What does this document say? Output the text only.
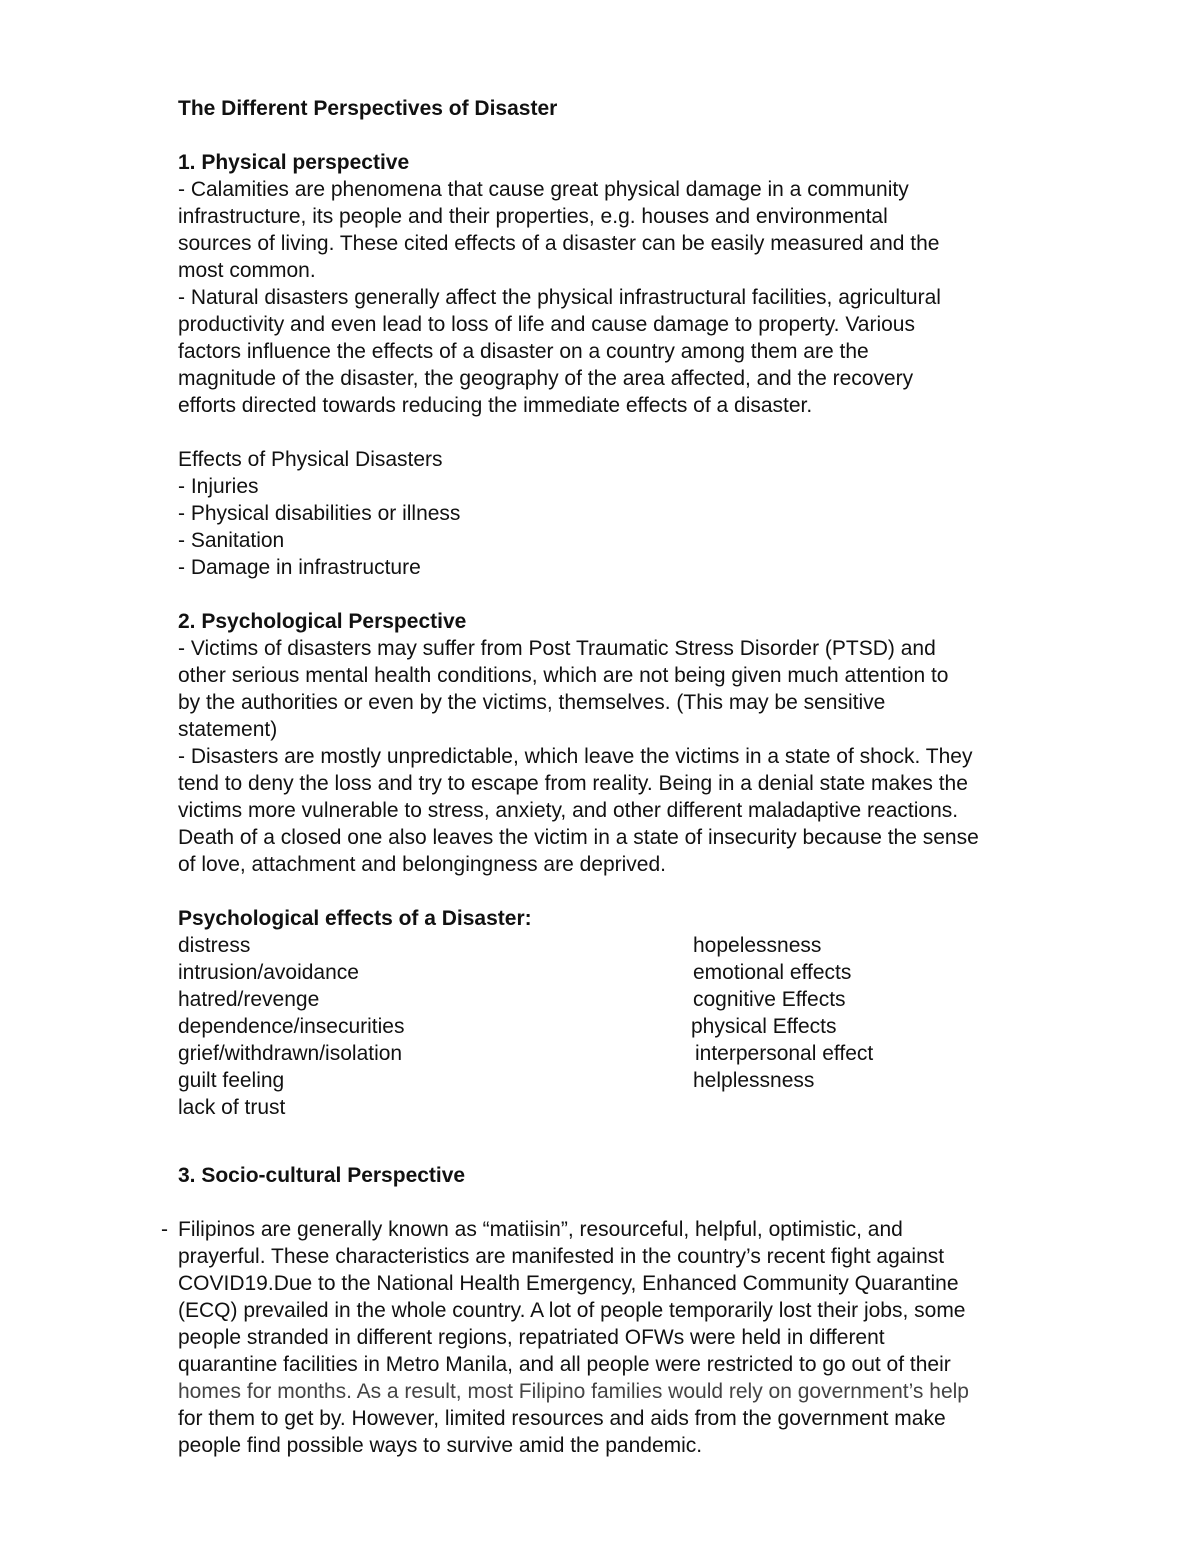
The Different Perspectives of Disaster

1. Physical perspective

- Calamities are phenomena that cause great physical damage in a community

infrastructure, its people and their properties, e.g. houses and environmental

sources of living. These cited effects of a disaster can be easily measured and the

most common.

- Natural disasters generally affect the physical infrastructural facilities, agricultural

productivity and even lead to loss of life and cause damage to property. Various

factors influence the effects of a disaster on a country among them are the

magnitude of the disaster, the geography of the area affected, and the recovery

efforts directed towards reducing the immediate effects of a disaster.

Effects of Physical Disasters

- Injuries

- Physical disabilities or illness

- Sanitation

- Damage in infrastructure

2. Psychological Perspective

- Victims of disasters may suffer from Post Traumatic Stress Disorder (PTSD) and

other serious mental health conditions, which are not being given much attention to

by the authorities or even by the victims, themselves. (This may be sensitive

statement)

- Disasters are mostly unpredictable, which leave the victims in a state of shock. They

tend to deny the loss and try to escape from reality. Being in a denial state makes the

victims more vulnerable to stress, anxiety, and other different maladaptive reactions.

Death of a closed one also leaves the victim in a state of insecurity because the sense

of love, attachment and belongingness are deprived.

Psychological effects of a Disaster:

distress

intrusion/avoidance

hatred/revenge

dependence/insecurities

grief/withdrawn/isolation

guilt feeling

lack of trust

hopelessness

emotional effects

cognitive Effects

physical Effects

interpersonal effect

helplessness

3. Socio-cultural Perspective

- Filipinos are generally known as “matiisin”, resourceful, helpful, optimistic, and

prayerful. These characteristics are manifested in the country’s recent fight against

COVID19.Due to the National Health Emergency, Enhanced Community Quarantine

(ECQ) prevailed in the whole country. A lot of people temporarily lost their jobs, some

people stranded in different regions, repatriated OFWs were held in different

quarantine facilities in Metro Manila, and all people were restricted to go out of their

homes for months. As a result, most Filipino families would rely on government’s help

for them to get by. However, limited resources and aids from the government make

people find possible ways to survive amid the pandemic.
